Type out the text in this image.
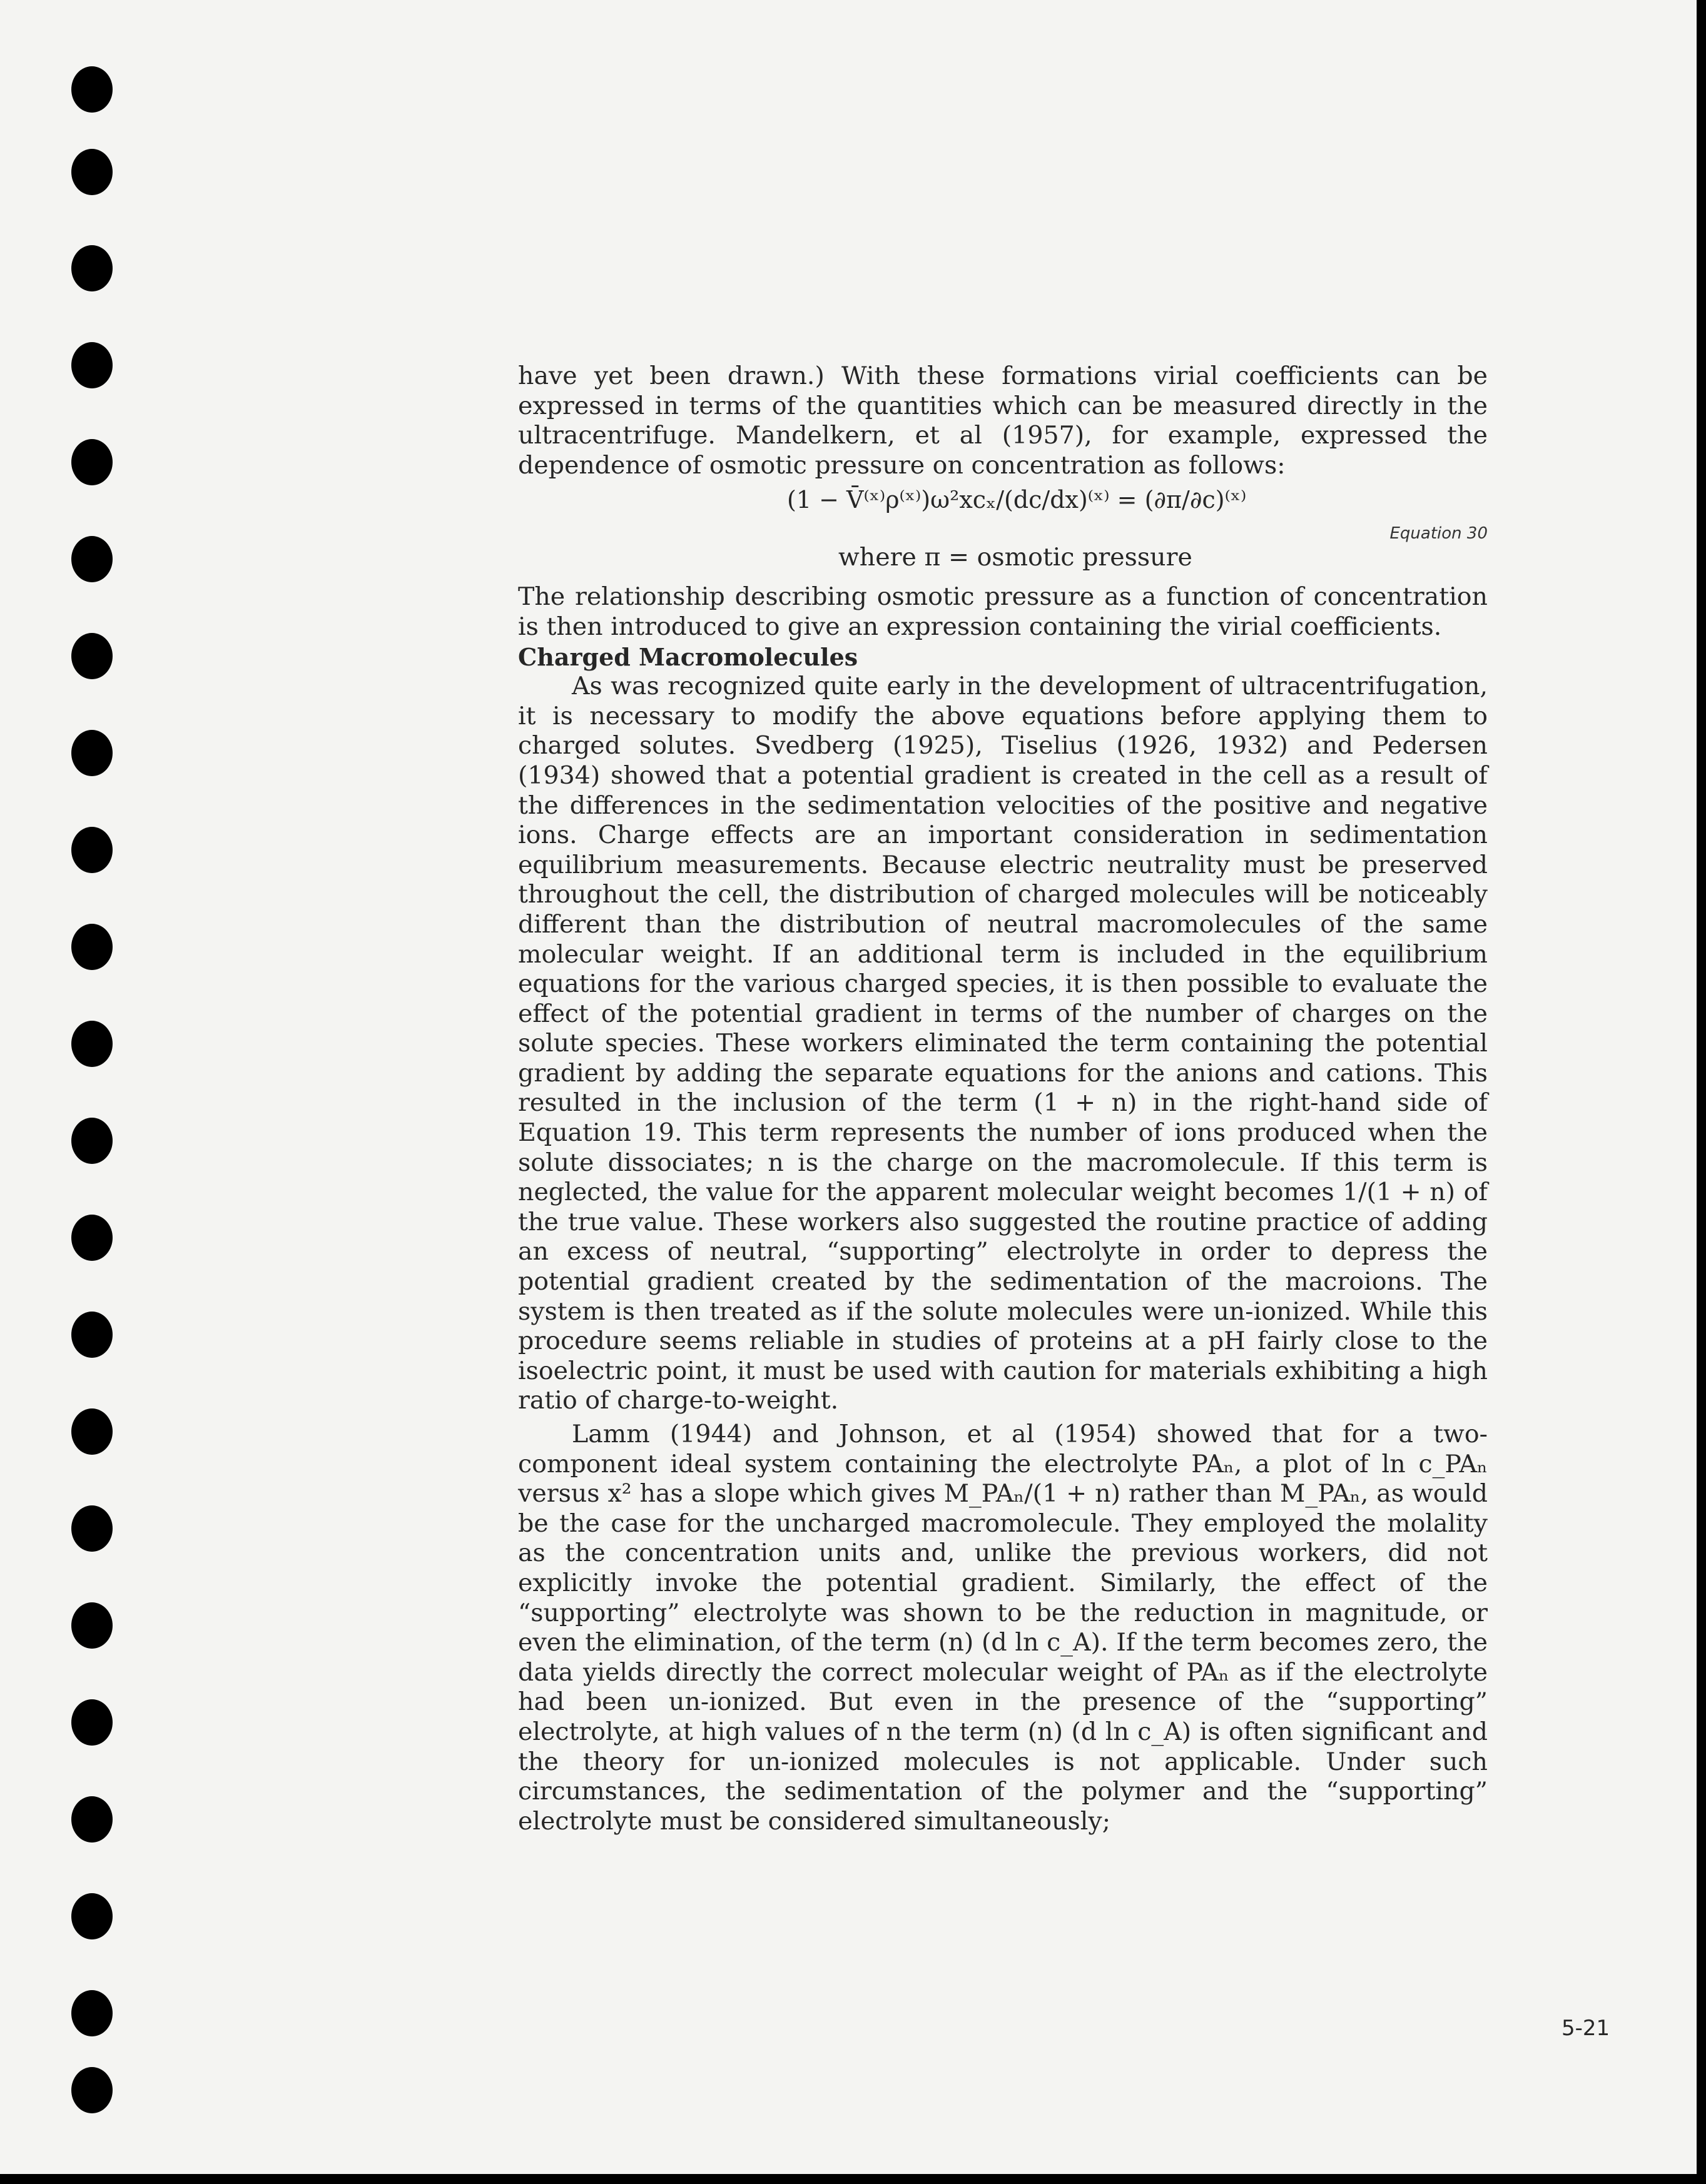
have yet been drawn.) With these formations virial coefficients can be expressed in terms of the quantities which can be measured directly in the ultracentrifuge. Mandelkern, et al (1957), for example, expressed the dependence of osmotic pressure on concentration as follows:

(1 − V̄⁽ˣ⁾ρ⁽ˣ⁾)ω²xcₓ/(dc/dx)⁽ˣ⁾ = (∂π/∂c)⁽ˣ⁾
Equation 30
where π = osmotic pressure

The relationship describing osmotic pressure as a function of concentration is then introduced to give an expression containing the virial coefficients.

Charged Macromolecules

As was recognized quite early in the development of ultracentrifugation, it is necessary to modify the above equations before applying them to charged solutes. Svedberg (1925), Tiselius (1926, 1932) and Pedersen (1934) showed that a potential gradient is created in the cell as a result of the differences in the sedimentation velocities of the positive and negative ions. Charge effects are an important consideration in sedimentation equilibrium measurements. Because electric neutrality must be preserved throughout the cell, the distribution of charged molecules will be noticeably different than the distribution of neutral macromolecules of the same molecular weight. If an additional term is included in the equilibrium equations for the various charged species, it is then possible to evaluate the effect of the potential gradient in terms of the number of charges on the solute species. These workers eliminated the term containing the potential gradient by adding the separate equations for the anions and cations. This resulted in the inclusion of the term (1 + n) in the right-hand side of Equation 19. This term represents the number of ions produced when the solute dissociates; n is the charge on the macromolecule. If this term is neglected, the value for the apparent molecular weight becomes 1/(1 + n) of the true value. These workers also suggested the routine practice of adding an excess of neutral, “supporting” electrolyte in order to depress the potential gradient created by the sedimentation of the macroions. The system is then treated as if the solute molecules were un-ionized. While this procedure seems reliable in studies of proteins at a pH fairly close to the isoelectric point, it must be used with caution for materials exhibiting a high ratio of charge-to-weight.

Lamm (1944) and Johnson, et al (1954) showed that for a two-component ideal system containing the electrolyte PAₙ, a plot of ln c_PAₙ versus x² has a slope which gives M_PAₙ/(1 + n) rather than M_PAₙ, as would be the case for the uncharged macromolecule. They employed the molality as the concentration units and, unlike the previous workers, did not explicitly invoke the potential gradient. Similarly, the effect of the “supporting” electrolyte was shown to be the reduction in magnitude, or even the elimination, of the term (n) (d ln c_A). If the term becomes zero, the data yields directly the correct molecular weight of PAₙ as if the electrolyte had been un-ionized. But even in the presence of the “supporting” electrolyte, at high values of n the term (n) (d ln c_A) is often significant and the theory for un-ionized molecules is not applicable. Under such circumstances, the sedimentation of the polymer and the “supporting” electrolyte must be considered simultaneously;

5-21
